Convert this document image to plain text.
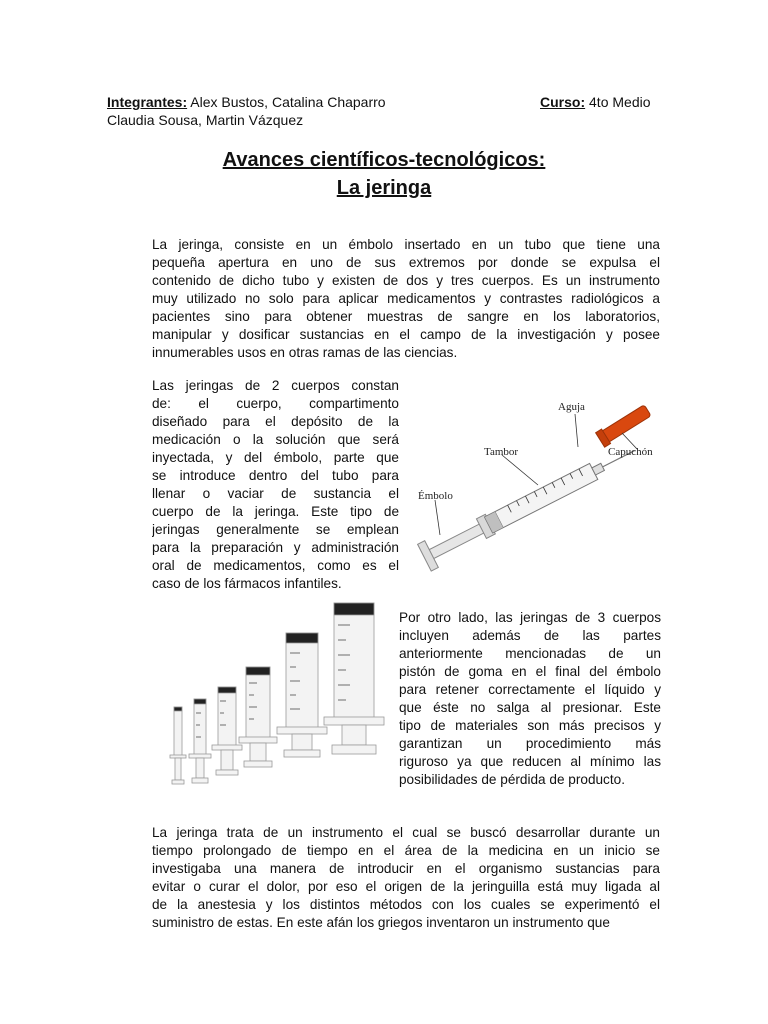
Integrantes: Alex Bustos, Catalina Chaparro
Claudia Sousa, Martin Vázquez
Curso: 4to Medio
Avances científicos-tecnológicos:
La jeringa
La jeringa, consiste en un émbolo insertado en un tubo que tiene una
pequeña apertura en uno de sus extremos por donde se expulsa el
contenido de dicho tubo y existen de dos y tres cuerpos. Es un instrumento
muy utilizado no solo para aplicar medicamentos y contrastes radiológicos a
pacientes sino para obtener muestras de sangre en los laboratorios,
manipular y dosificar sustancias en el campo de la investigación y posee
innumerables usos en otras ramas de las ciencias.
Las jeringas de 2 cuerpos constan
de: el cuerpo, compartimento
diseñado para el depósito de la
medicación o la solución que será
inyectada, y del émbolo, parte que
se introduce dentro del tubo para
llenar o vaciar de sustancia el
cuerpo de la jeringa. Este tipo de
jeringas generalmente se emplean
para la preparación y administración
oral de medicamentos, como es el
caso de los fármacos infantiles.
Aguja
Capuchón
Tambor
Émbolo
Por otro lado, las jeringas de 3 cuerpos
incluyen además de las partes
anteriormente mencionadas de un
pistón de goma en el final del émbolo
para retener correctamente el líquido y
que éste no salga al presionar. Este
tipo de materiales son más precisos y
garantizan un procedimiento más
riguroso ya que reducen al mínimo las
posibilidades de pérdida de producto.
La jeringa trata de un instrumento el cual se buscó desarrollar durante un
tiempo prolongado de tiempo en el área de la medicina en un inicio se
investigaba una manera de introducir en el organismo sustancias para
evitar o curar el dolor, por eso el origen de la jeringuilla está muy ligada al
de la anestesia y los distintos métodos con los cuales se experimentó el
suministro de estas. En este afán los griegos inventaron un instrumento que
